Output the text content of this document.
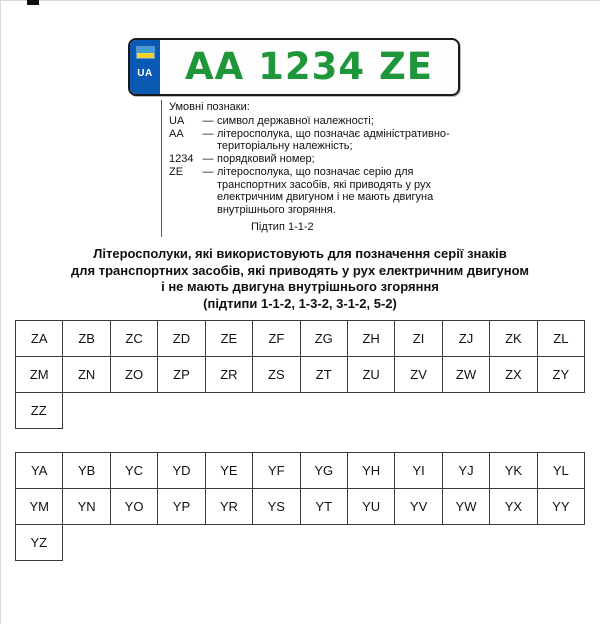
UA AA 1234 ZE
Умовні познаки:
UA	— символ державної належності;
AA	— літеросполука, що позначає адміністративно-територіальну належність;
1234 — порядковий номер;
ZE	— літеросполука, що позначає серію для транспортних засобів, які приводять у рух електричним двигуном і не мають двигуна внутрішнього згоряння.
Підтип 1-1-2
Літеросполуки, які використовують для позначення серії знаків
для транспортних засобів, які приводять у рух електричним двигуном
і не мають двигуна внутрішнього згоряння
(підтипи 1-1-2, 1-3-2, 3-1-2, 5-2)
ZA	ZB	ZC	ZD	ZE	ZF	ZG	ZH	ZI	ZJ	ZK	ZL
ZM	ZN	ZO	ZP	ZR	ZS	ZT	ZU	ZV	ZW	ZX	ZY
ZZ
YA	YB	YC	YD	YE	YF	YG	YH	YI	YJ	YK	YL
YM	YN	YO	YP	YR	YS	YT	YU	YV	YW	YX	YY
YZ
